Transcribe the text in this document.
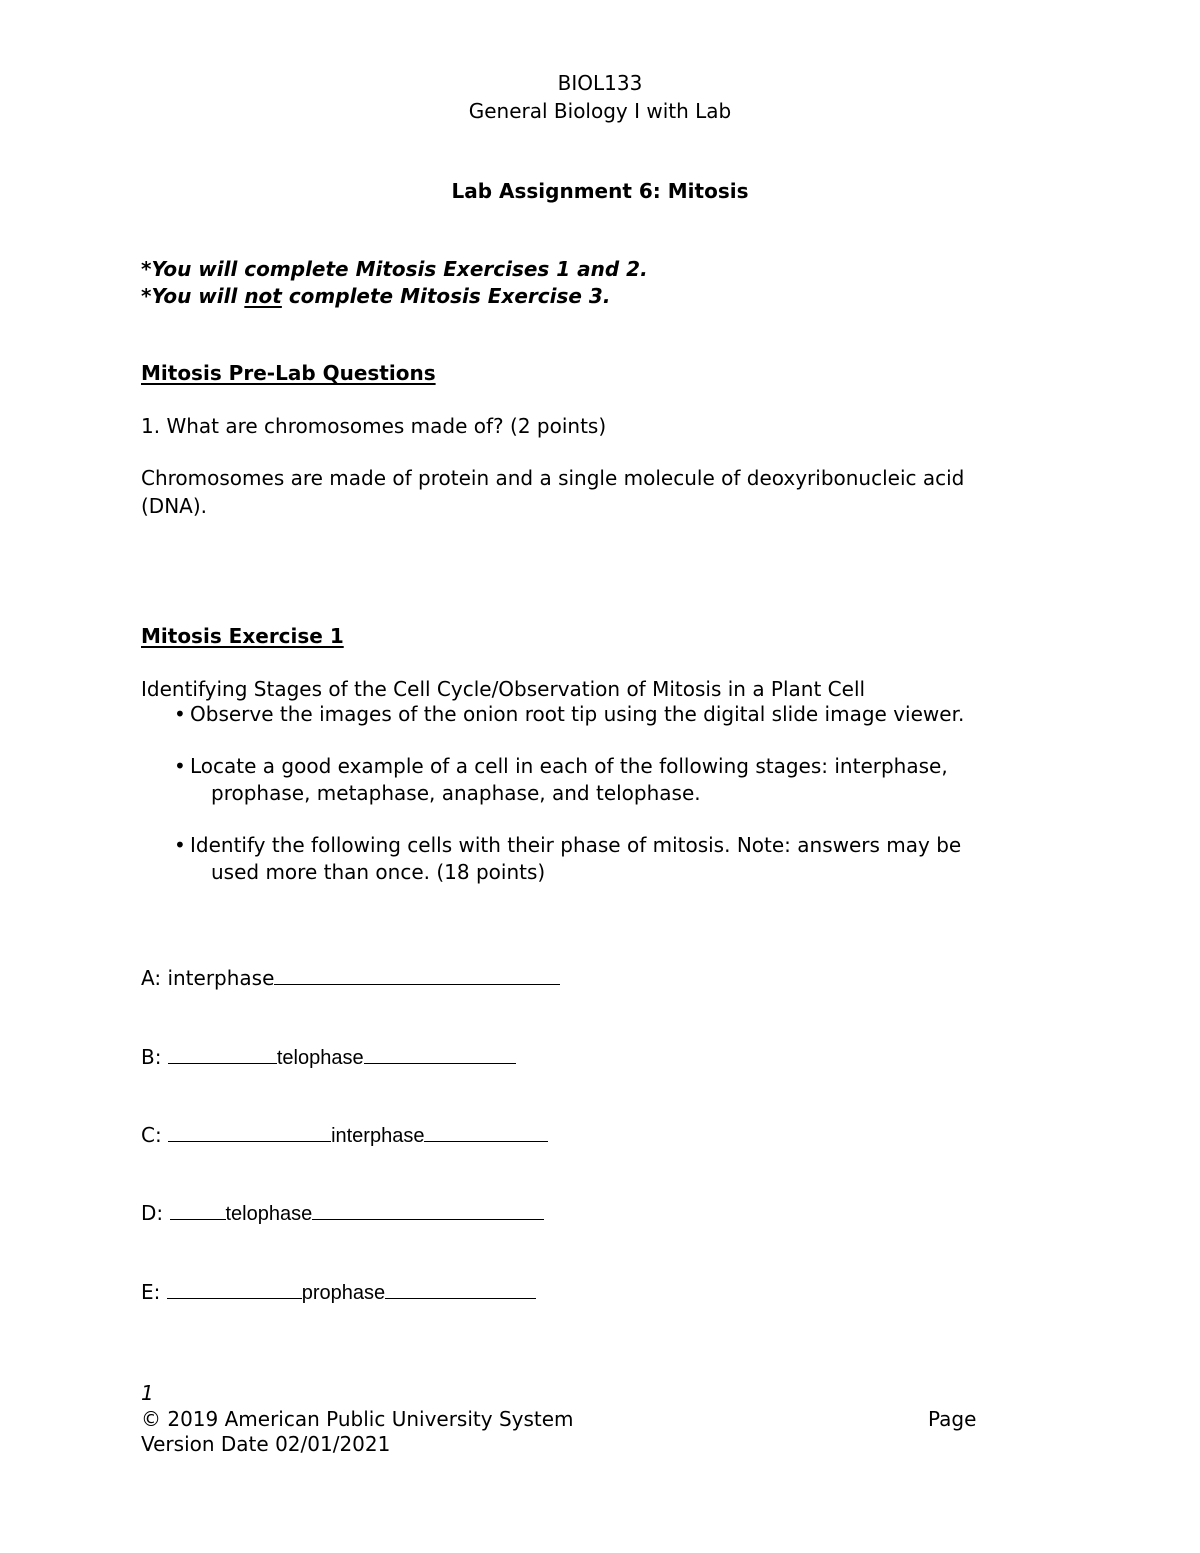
BIOL133

General Biology I with Lab

Lab Assignment 6: Mitosis

*You will complete Mitosis Exercises 1 and 2.

*You will not complete Mitosis Exercise 3.

Mitosis Pre-Lab Questions

1. What are chromosomes made of? (2 points)

Chromosomes are made of protein and a single molecule of deoxyribonucleic acid

(DNA).

Mitosis Exercise 1

Identifying Stages of the Cell Cycle/Observation of Mitosis in a Plant Cell

• Observe the images of the onion root tip using the digital slide image viewer.

• Locate a good example of a cell in each of the following stages: interphase,

prophase, metaphase, anaphase, and telophase.

• Identify the following cells with their phase of mitosis. Note: answers may be

used more than once. (18 points)

A: interphase

B:	telophase

C:	interphase

D:	telophase

E:	prophase

1

© 2019 American Public University System	Page

Version Date 02/01/2021
